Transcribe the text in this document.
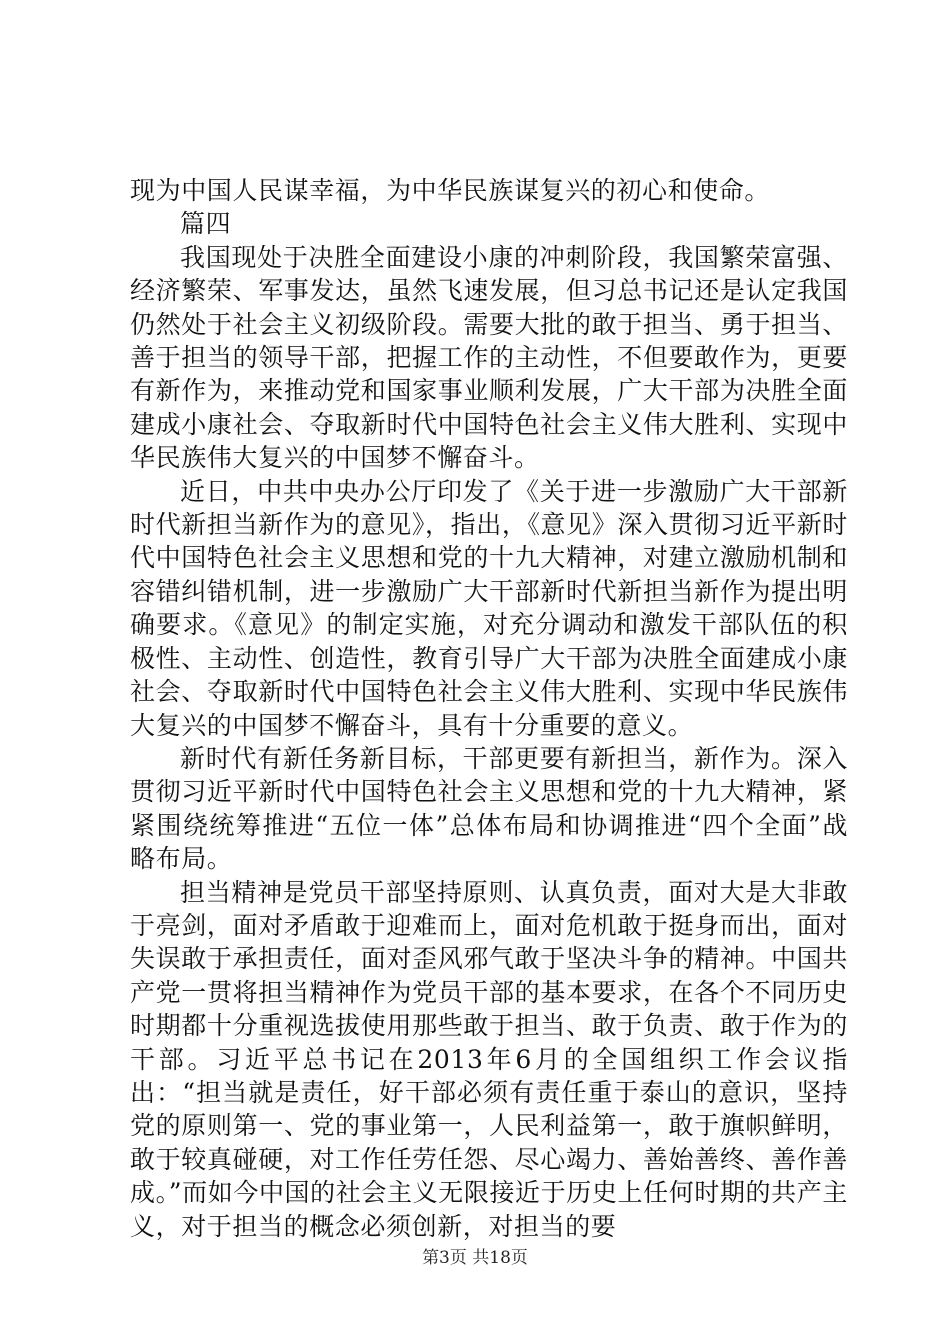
现为中国人民谋幸福，为中华民族谋复兴的初心和使命。

篇四

我国现处于决胜全面建设小康的冲刺阶段，我国繁荣富强、经济繁荣、军事发达，虽然飞速发展，但习总书记还是认定我国仍然处于社会主义初级阶段。需要大批的敢于担当、勇于担当、善于担当的领导干部，把握工作的主动性，不但要敢作为，更要有新作为，来推动党和国家事业顺利发展，广大干部为决胜全面建成小康社会、夺取新时代中国特色社会主义伟大胜利、实现中华民族伟大复兴的中国梦不懈奋斗。

近日，中共中央办公厅印发了《关于进一步激励广大干部新时代新担当新作为的意见》，指出，《意见》深入贯彻习近平新时代中国特色社会主义思想和党的十九大精神，对建立激励机制和容错纠错机制，进一步激励广大干部新时代新担当新作为提出明确要求。《意见》的制定实施，对充分调动和激发干部队伍的积极性、主动性、创造性，教育引导广大干部为决胜全面建成小康社会、夺取新时代中国特色社会主义伟大胜利、实现中华民族伟大复兴的中国梦不懈奋斗，具有十分重要的意义。

新时代有新任务新目标，干部更要有新担当，新作为。深入贯彻习近平新时代中国特色社会主义思想和党的十九大精神，紧紧围绕统筹推进“五位一体”总体布局和协调推进“四个全面”战略布局。

担当精神是党员干部坚持原则、认真负责，面对大是大非敢于亮剑，面对矛盾敢于迎难而上，面对危机敢于挺身而出，面对失误敢于承担责任，面对歪风邪气敢于坚决斗争的精神。中国共产党一贯将担当精神作为党员干部的基本要求，在各个不同历史时期都十分重视选拔使用那些敢于担当、敢于负责、敢于作为的干部。习近平总书记在2013年6月的全国组织工作会议指出：“担当就是责任，好干部必须有责任重于泰山的意识，坚持党的原则第一、党的事业第一，人民利益第一，敢于旗帜鲜明，敢于较真碰硬，对工作任劳任怨、尽心竭力、善始善终、善作善成。”而如今中国的社会主义无限接近于历史上任何时期的共产主义，对于担当的概念必须创新，对担当的要

第3页 共18页
